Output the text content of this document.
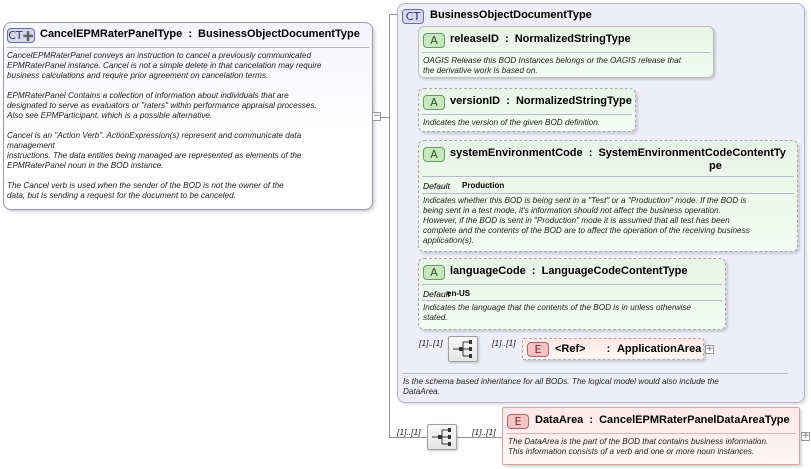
CT➕ CancelEPMRaterPanelType : BusinessObjectDocumentType
CancelEPMRaterPanel conveys an instruction to cancel a previously communicated
EPMRaterPanel instance. Cancel is not a simple delete in that cancelation may require
business calculations and require prior agreement on cancelation terms.

EPMRaterPanel Contains a collection of information about individuals that are
designated to serve as evaluators or "raters" within performance appraisal processes.
Also see EPMParticipant, which is a possible alternative.

Cancel is an "Action Verb". ActionExpression(s) represent and communicate data
management
instructions. The data entities being managed are represented as elements of the
EPMRaterPanel noun in the BOD instance.

The Cancel verb is used when the sender of the BOD is not the owner of the
data, but is sending a request for the document to be canceled.
−
CT BusinessObjectDocumentType
Is the schema based inheritance for all BODs. The logical model would also include the
DataArea.
A	releaseID : NormalizedStringType
OAGIS Release this BOD Instances belongs or the OAGIS release that
the derivative work is based on.
A	versionID : NormalizedStringType
Indicates the version of the given BOD definition.
A	systemEnvironmentCode : SystemEnvironmentCodeContentTy
pe
Default Production
Indicates whether this BOD is being sent in a "Test" or a "Production" mode. If the BOD is
being sent in a test mode, it's information should not affect the business operation.
However, if the BOD is sent in "Production" mode it is assumed that all test has been
complete and the contents of the BOD are to affect the operation of the receiving business
application(s).
A	languageCode : LanguageCodeContentType
Default
en-US
Indicates the language that the contents of the BOD is in unless otherwise
stated.
[1]..[1]	[1]..[1]	E	<Ref> : ApplicationArea +
[1]..[1]	[1]..[1]
E	DataArea : CancelEPMRaterPanelDataAreaType
The DataArea is the part of the BOD that contains business information.
This information consists of a verb and one or more noun instances.
+
